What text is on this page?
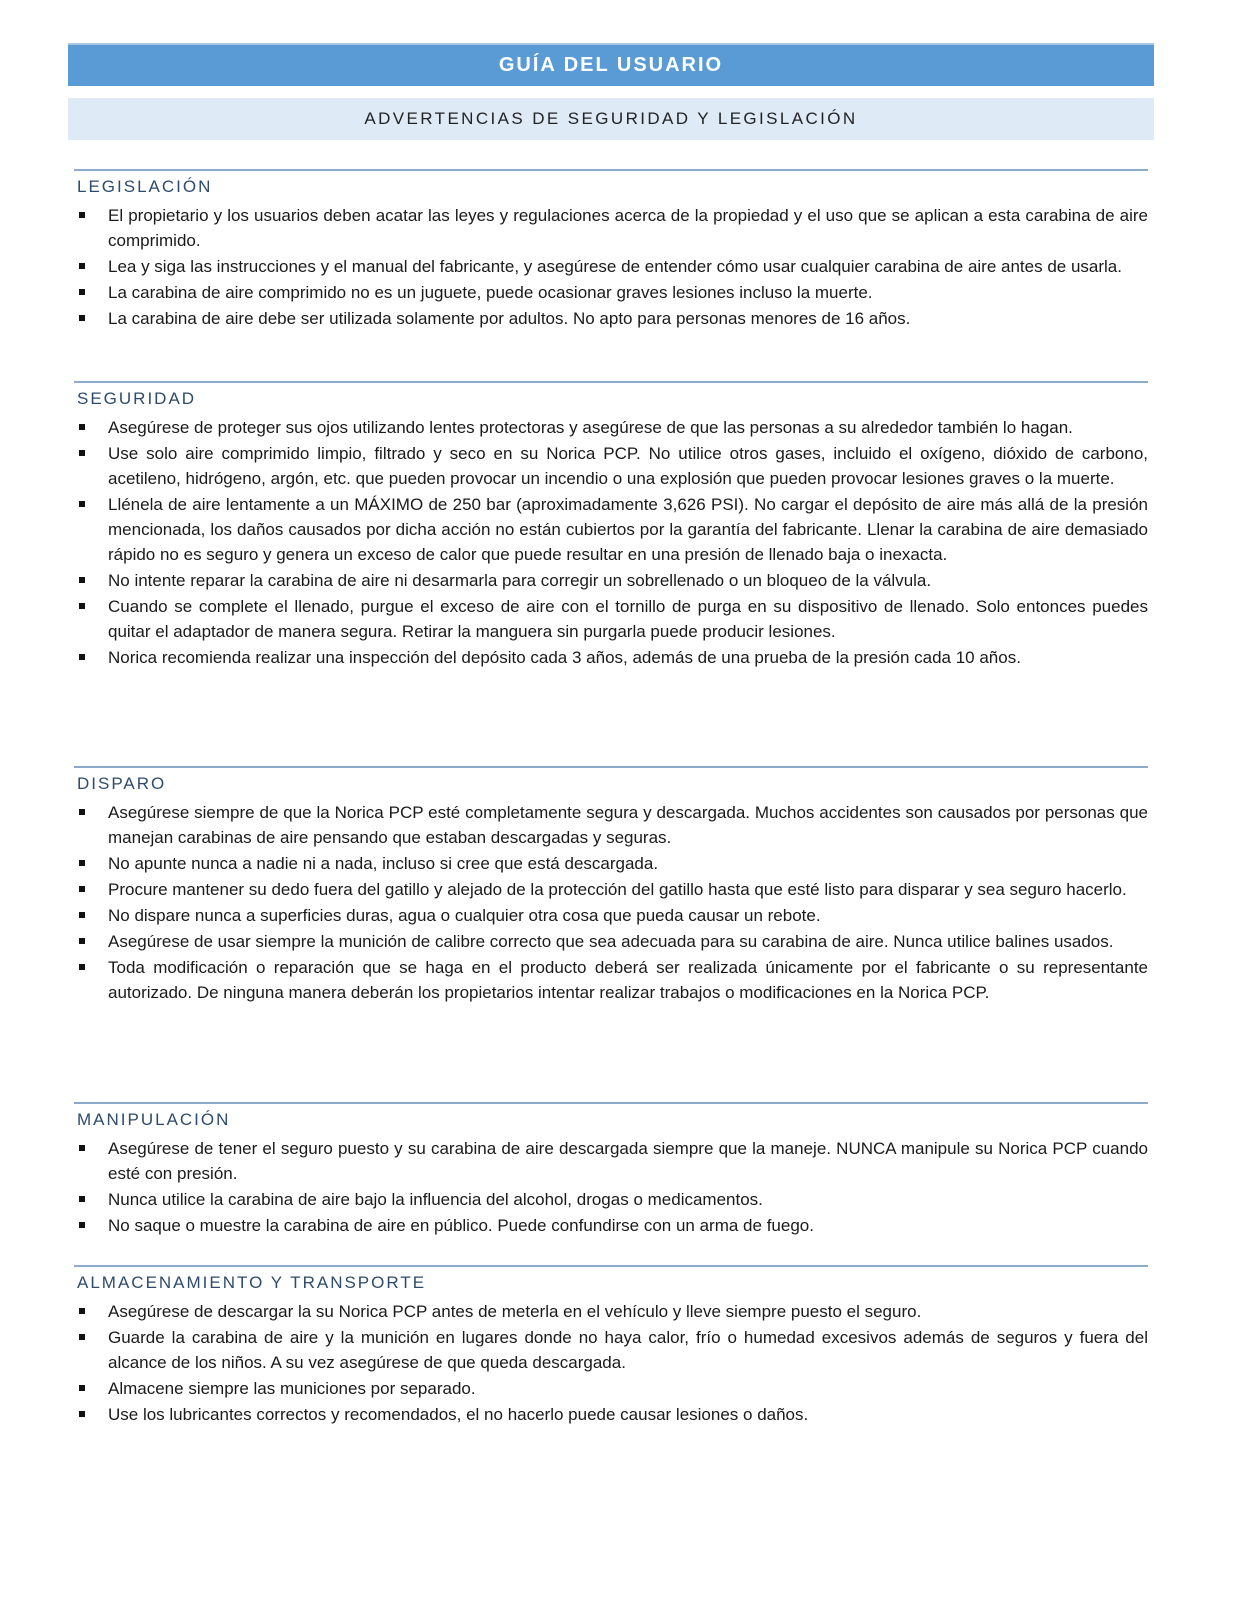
GUÍA DEL USUARIO
ADVERTENCIAS DE SEGURIDAD Y LEGISLACIÓN
LEGISLACIÓN
El propietario y los usuarios deben acatar las leyes y regulaciones acerca de la propiedad y el uso que se aplican a esta carabina de aire comprimido.
Lea y siga las instrucciones y el manual del fabricante, y asegúrese de entender cómo usar cualquier carabina de aire antes de usarla.
La carabina de aire comprimido no es un juguete, puede ocasionar graves lesiones incluso la muerte.
La carabina de aire debe ser utilizada solamente por adultos. No apto para personas menores de 16 años.
SEGURIDAD
Asegúrese de proteger sus ojos utilizando lentes protectoras y asegúrese de que las personas a su alrededor también lo hagan.
Use solo aire comprimido limpio, filtrado y seco en su Norica PCP. No utilice otros gases, incluido el oxígeno, dióxido de carbono, acetileno, hidrógeno, argón, etc. que pueden provocar un incendio o una explosión que pueden provocar lesiones graves o la muerte.
Llénela de aire lentamente a un MÁXIMO de 250 bar (aproximadamente 3,626 PSI). No cargar el depósito de aire más allá de la presión mencionada, los daños causados por dicha acción no están cubiertos por la garantía del fabricante. Llenar la carabina de aire demasiado rápido no es seguro y genera un exceso de calor que puede resultar en una presión de llenado baja o inexacta.
No intente reparar la carabina de aire ni desarmarla para corregir un sobrellenado o un bloqueo de la válvula.
Cuando se complete el llenado, purgue el exceso de aire con el tornillo de purga en su dispositivo de llenado. Solo entonces puedes quitar el adaptador de manera segura. Retirar la manguera sin purgarla puede producir lesiones.
Norica recomienda realizar una inspección del depósito cada 3 años, además de una prueba de la presión cada 10 años.
DISPARO
Asegúrese siempre de que la Norica PCP esté completamente segura y descargada. Muchos accidentes son causados por personas que manejan carabinas de aire pensando que estaban descargadas y seguras.
No apunte nunca a nadie ni a nada, incluso si cree que está descargada.
Procure mantener su dedo fuera del gatillo y alejado de la protección del gatillo hasta que esté listo para disparar y sea seguro hacerlo.
No dispare nunca a superficies duras, agua o cualquier otra cosa que pueda causar un rebote.
Asegúrese de usar siempre la munición de calibre correcto que sea adecuada para su carabina de aire. Nunca utilice balines usados.
Toda modificación o reparación que se haga en el producto deberá ser realizada únicamente por el fabricante o su representante autorizado. De ninguna manera deberán los propietarios intentar realizar trabajos o modificaciones en la Norica PCP.
MANIPULACIÓN
Asegúrese de tener el seguro puesto y su carabina de aire descargada siempre que la maneje. NUNCA manipule su Norica PCP cuando esté con presión.
Nunca utilice la carabina de aire bajo la influencia del alcohol, drogas o medicamentos.
No saque o muestre la carabina de aire en público. Puede confundirse con un arma de fuego.
ALMACENAMIENTO Y TRANSPORTE
Asegúrese de descargar la su Norica PCP antes de meterla en el vehículo y lleve siempre puesto el seguro.
Guarde la carabina de aire y la munición en lugares donde no haya calor, frío o humedad excesivos además de seguros y fuera del alcance de los niños. A su vez asegúrese de que queda descargada.
Almacene siempre las municiones por separado.
Use los lubricantes correctos y recomendados, el no hacerlo puede causar lesiones o daños.
